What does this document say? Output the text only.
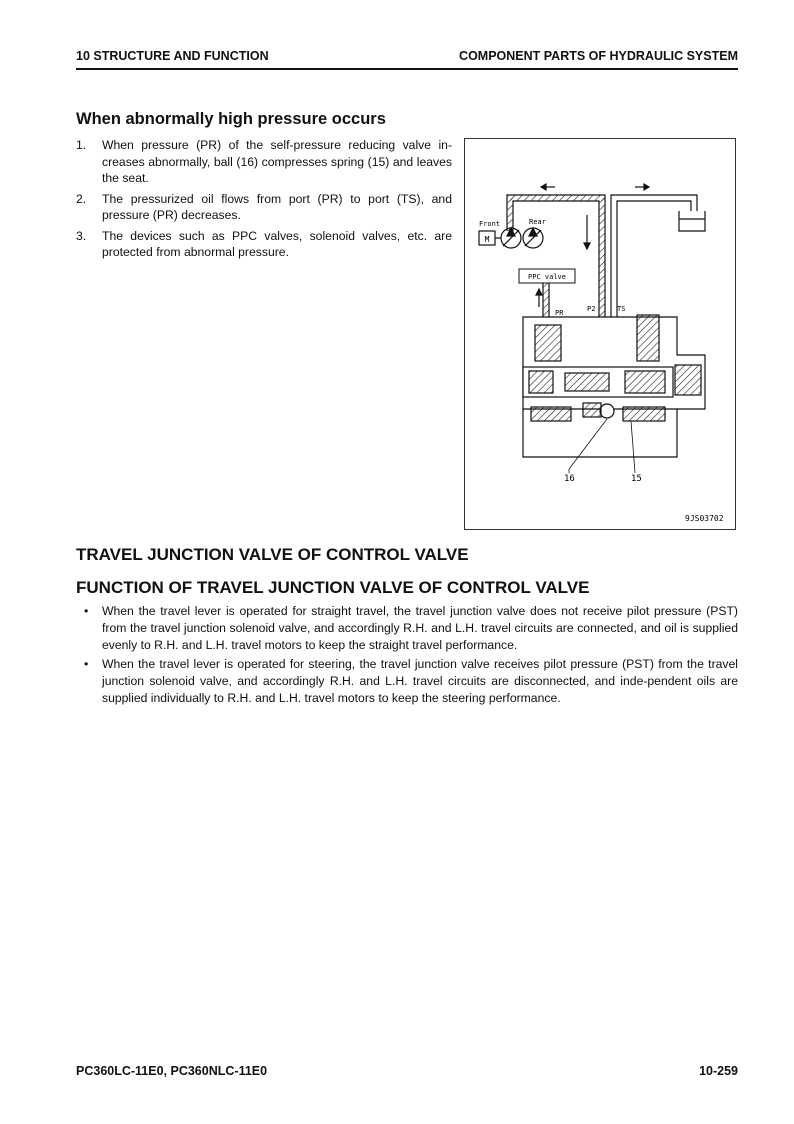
10 STRUCTURE AND FUNCTION	COMPONENT PARTS OF HYDRAULIC SYSTEM
When abnormally high pressure occurs
1. When pressure (PR) of the self-pressure reducing valve in-creases abnormally, ball (16) compresses spring (15) and leaves the seat.
2. The pressurized oil flows from port (PR) to port (TS), and pressure (PR) decreases.
3. The devices such as PPC valves, solenoid valves, etc. are protected from abnormal pressure.
M
Front	Rear
PPC valve
PR	P2	TS
16	15
9JS03702
TRAVEL JUNCTION VALVE OF CONTROL VALVE
FUNCTION OF TRAVEL JUNCTION VALVE OF CONTROL VALVE
• When the travel lever is operated for straight travel, the travel junction valve does not receive pilot pressure (PST) from the travel junction solenoid valve, and accordingly R.H. and L.H. travel circuits are connected, and oil is supplied evenly to R.H. and L.H. travel motors to keep the straight travel performance.
• When the travel lever is operated for steering, the travel junction valve receives pilot pressure (PST) from the travel junction solenoid valve, and accordingly R.H. and L.H. travel circuits are disconnected, and inde-pendent oils are supplied individually to R.H. and L.H. travel motors to keep the steering performance.
PC360LC-11E0, PC360NLC-11E0	10-259
